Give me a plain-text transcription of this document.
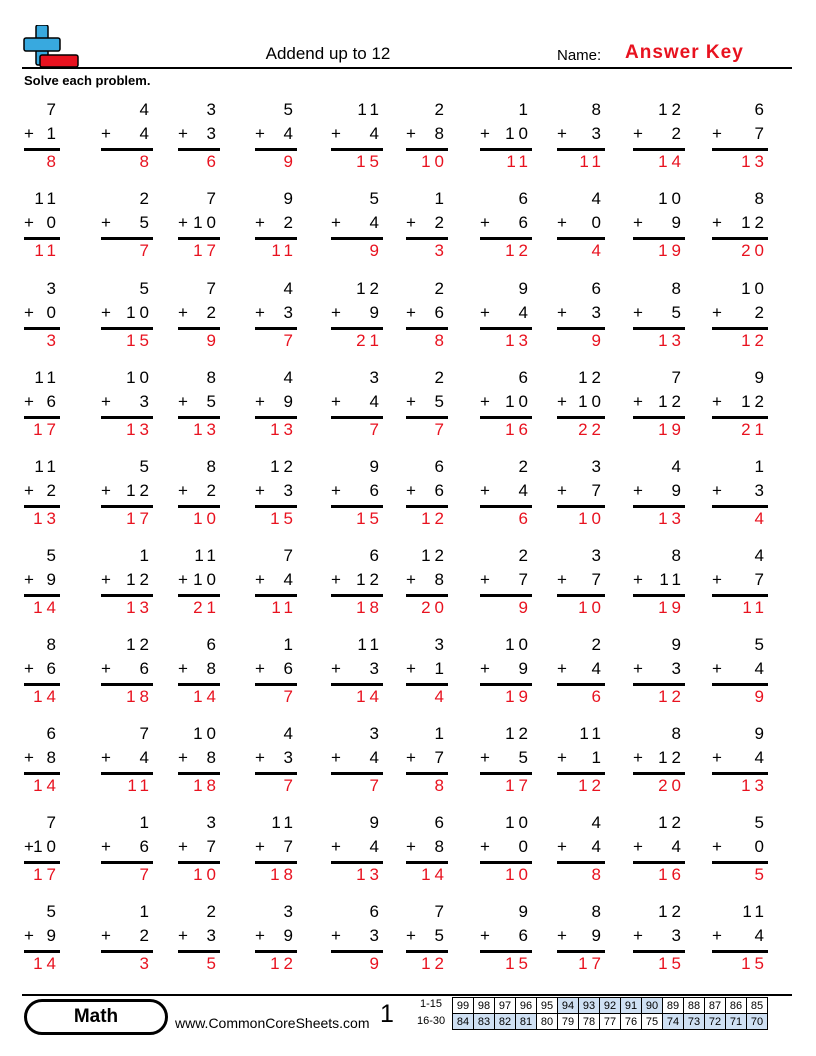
Addend up to 12	Name: Answer Key
Solve each problem.
7
+ 1
8
4
+ 4
8
3
+ 3
6
5
+ 4
9
11
+ 4
15
2
+ 8
10
1
+ 10
11
8
+ 3
11
12
+ 2
14
6
+ 7
13
11
+ 0
11
2
+ 5
7
7
+ 10
17
9
+ 2
11
5
+ 4
9
1
+ 2
3
6
+ 6
12
4
+ 0
4
10
+ 9
19
8
+ 12
20
3
+ 0
3
5
+ 10
15
7
+ 2
9
4
+ 3
7
12
+ 9
21
2
+ 6
8
9
+ 4
13
6
+ 3
9
8
+ 5
13
10
+ 2
12
11
+ 6
17
10
+ 3
13
8
+ 5
13
4
+ 9
13
3
+ 4
7
2
+ 5
7
6
+ 10
16
12
+ 10
22
7
+ 12
19
9
+ 12
21
11
+ 2
13
5
+ 12
17
8
+ 2
10
12
+ 3
15
9
+ 6
15
6
+ 6
12
2
+ 4
6
3
+ 7
10
4
+ 9
13
1
+ 3
4
5
+ 9
14
1
+ 12
13
11
+ 10
21
7
+ 4
11
6
+ 12
18
12
+ 8
20
2
+ 7
9
3
+ 7
10
8
+ 11
19
4
+ 7
11
8
+ 6
14
12
+ 6
18
6
+ 8
14
1
+ 6
7
11
+ 3
14
3
+ 1
4
10
+ 9
19
2
+ 4
6
9
+ 3
12
5
+ 4
9
6
+ 8
14
7
+ 4
11
10
+ 8
18
4
+ 3
7
3
+ 4
7
1
+ 7
8
12
+ 5
17
11
+ 1
12
8
+ 12
20
9
+ 4
13
7
+ 10
17
1
+ 6
7
3
+ 7
10
11
+ 7
18
9
+ 4
13
6
+ 8
14
10
+ 0
10
4
+ 4
8
12
+ 4
16
5
+ 0
5
5
+ 9
14
1
+ 2
3
2
+ 3
5
3
+ 9
12
6
+ 3
9
7
+ 5
12
9
+ 6
15
8
+ 9
17
12
+ 3
15
11
+ 4
15
Math	www.CommonCoreSheets.com 1 1-15
16-30
99	98	97	96	95	94	93	92	91	90	89	88	87	86	85
84	83	82	81	80	79	78	77	76	75	74	73	72	71	70
